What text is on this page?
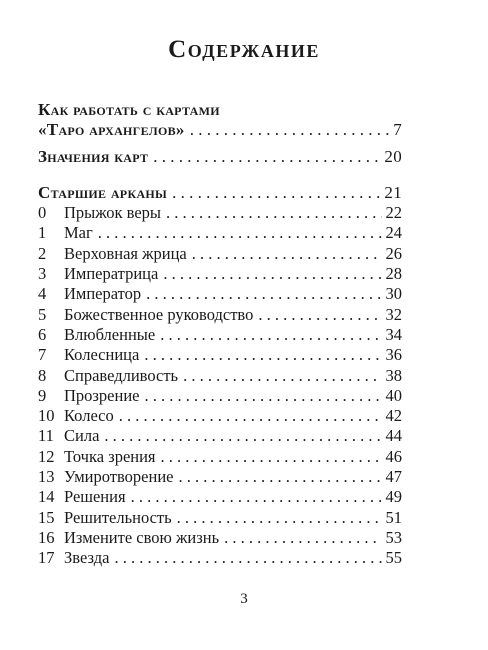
Содержание
Как работать с картами
«Таро архангелов» . . .	7
Значения карт . . .	20
Старшие арканы . . .	21
0	Прыжок веры . . .	22
1	Маг . . .	24
2	Верховная жрица . . .	26
3	Императрица . . .	28
4	Император . . .	30
5	Божественное руководство . . .	32
6	Влюбленные . . .	34
7	Колесница . . .	36
8	Справедливость . . .	38
9	Прозрение . . .	40
10 Колесо . . .	42
11 Сила . . .	44
12 Точка зрения . . .	46
13 Умиротворение . . .	47
14 Решения . . .	49
15 Решительность . . .	51
16 Измените свою жизнь . . .	53
17 Звезда . . .	55
3
